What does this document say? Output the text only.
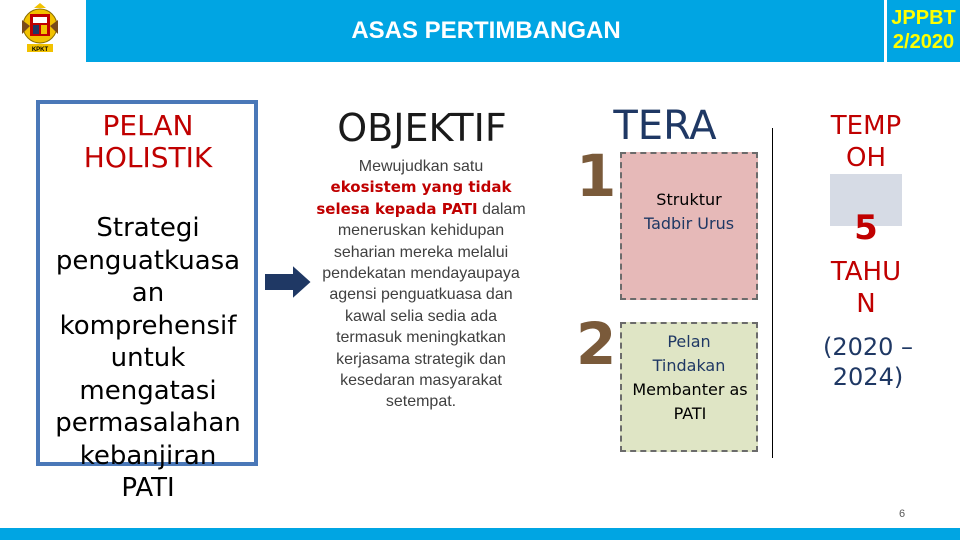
KPKT
ASAS PERTIMBANGAN	JPPBT
2/2020
PELAN
HOLISTIK
Strategi
penguatkuasa
an
komprehensif
untuk
mengatasi
permasalahan
kebanjiran
PATI
OBJEKTIF
Mewujudkan satu
ekosistem yang tidak selesa kepada PATI dalam meneruskan kehidupan seharian mereka melalui pendekatan mendayaupaya agensi penguatkuasa dan kawal selia sedia ada termasuk meningkatkan kerjasama strategik dan kesedaran masyarakat setempat.
TERA
1	Struktur
Tadbir Urus
2	Pelan Tindakan
Membanter as PATI
TEMP
OH
5
TAHU
N
(2020 –
2024)
6
